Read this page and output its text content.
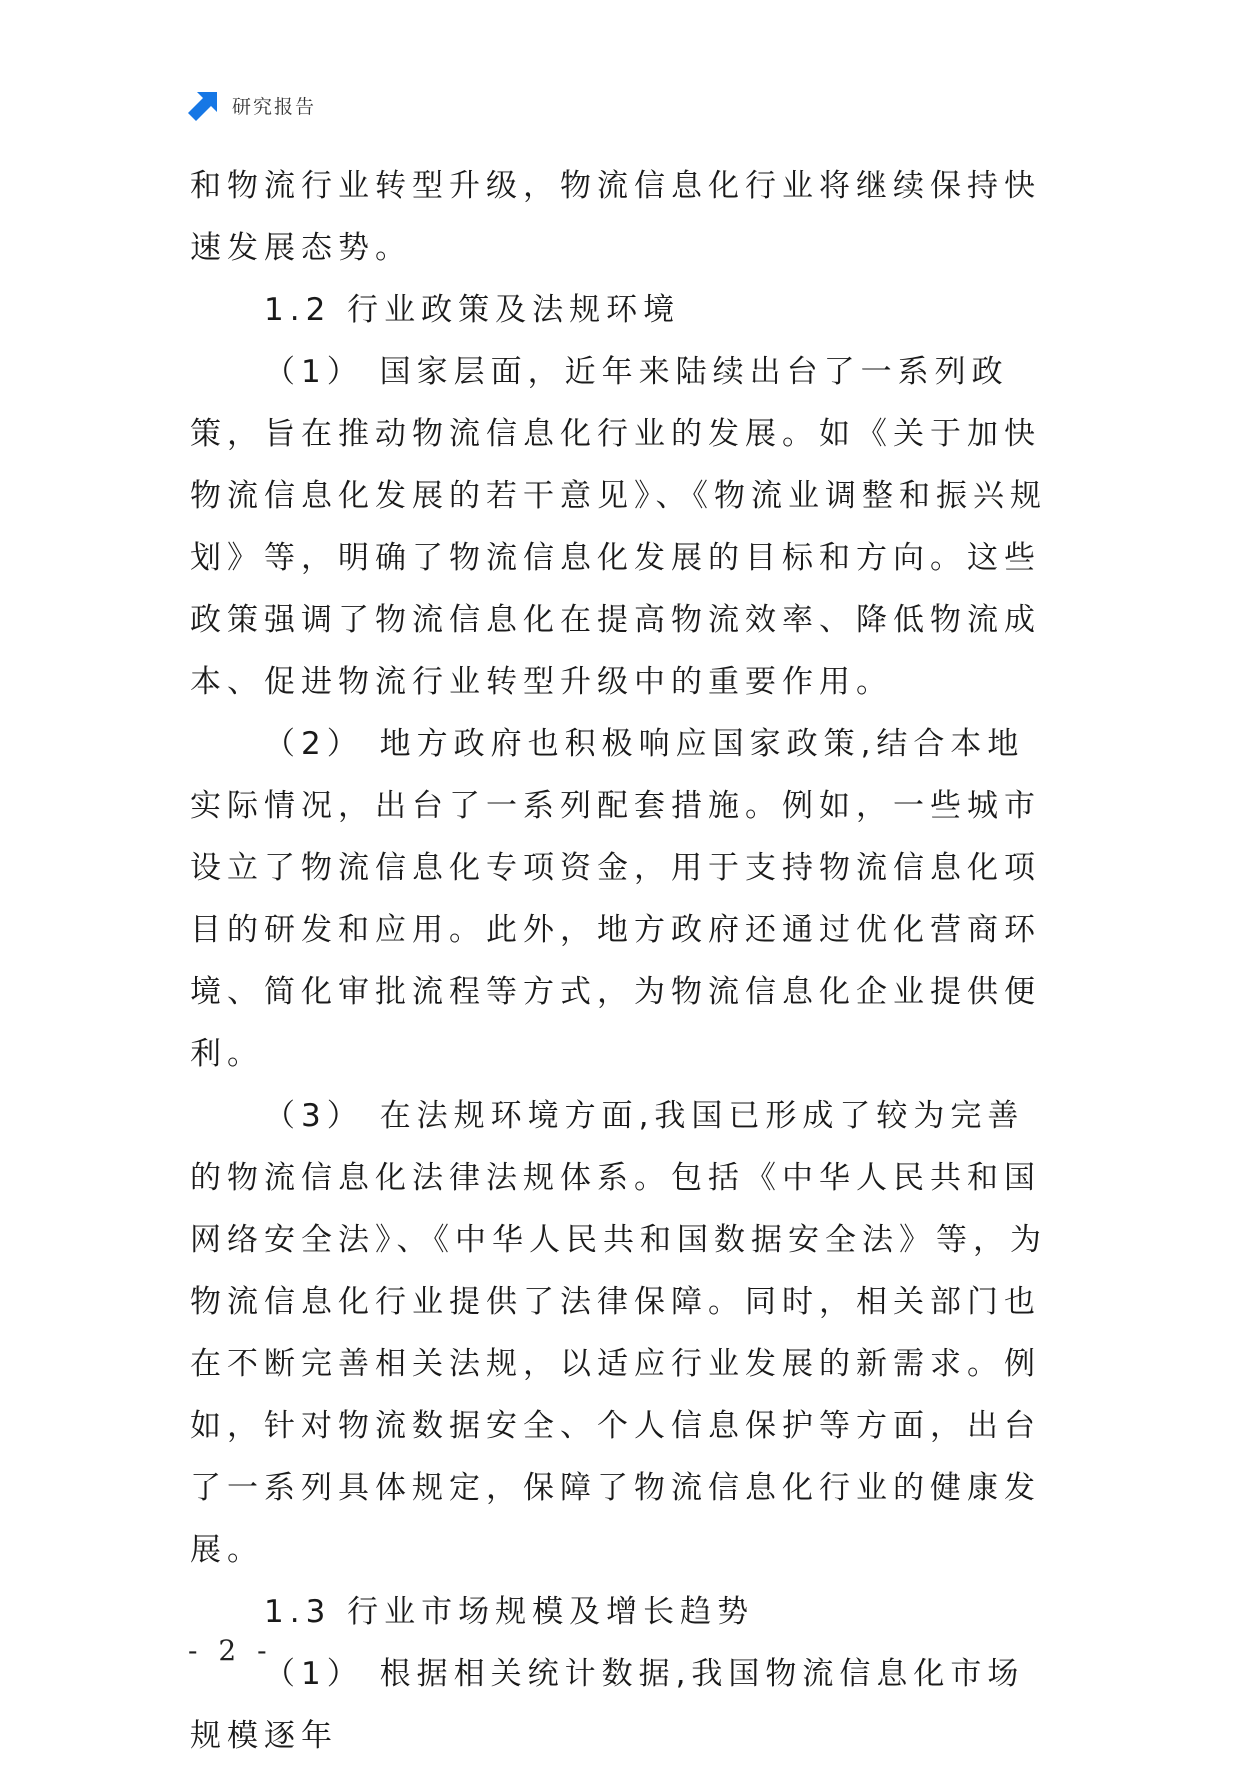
研究报告

和物流行业转型升级，物流信息化行业将继续保持快速发展态势。

1.2 行业政策及法规环境

（1） 国家层面，近年来陆续出台了一系列政策，旨在推动物流信息化行业的发展。如《关于加快物流信息化发展的若干意见》、《物流业调整和振兴规划》等，明确了物流信息化发展的目标和方向。这些政策强调了物流信息化在提高物流效率、降低物流成本、促进物流行业转型升级中的重要作用。

（2） 地方政府也积极响应国家政策,结合本地实际情况，出台了一系列配套措施。例如，一些城市设立了物流信息化专项资金，用于支持物流信息化项目的研发和应用。此外，地方政府还通过优化营商环境、简化审批流程等方式，为物流信息化企业提供便利。

（3） 在法规环境方面,我国已形成了较为完善的物流信息化法律法规体系。包括《中华人民共和国网络安全法》、《中华人民共和国数据安全法》等，为物流信息化行业提供了法律保障。同时，相关部门也在不断完善相关法规，以适应行业发展的新需求。例如，针对物流数据安全、个人信息保护等方面，出台了一系列具体规定，保障了物流信息化行业的健康发展。

1.3 行业市场规模及增长趋势

（1） 根据相关统计数据,我国物流信息化市场规模逐年

- 2 -
